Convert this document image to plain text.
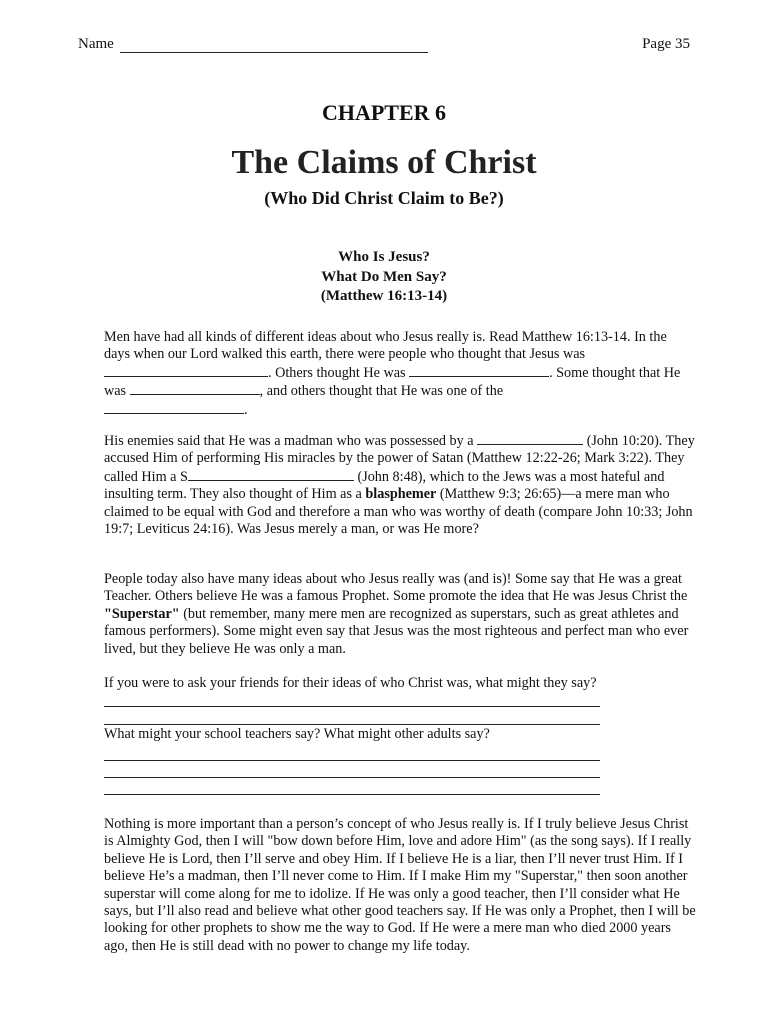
Name	Page 35
CHAPTER 6
The Claims of Christ
(Who Did Christ Claim to Be?)
Who Is Jesus?
What Do Men Say?
(Matthew 16:13-14)

Men have had all kinds of different ideas about who Jesus really is. Read Matthew 16:13-14. In the days when our Lord walked this earth, there were people who thought that Jesus was . Others thought He was	. Some thought that He was	, and others thought that He was one of the
.

His enemies said that He was a madman who was possessed by a	(John 10:20). They accused Him of performing His miracles by the power of Satan (Matthew 12:22-26; Mark 3:22). They called Him a S	(John 8:48), which to the Jews was a most hateful and insulting term. They also thought of Him as a blasphemer (Matthew 9:3; 26:65)—a mere man who claimed to be equal with God and therefore a man who was worthy of death (compare John 10:33; John 19:7; Leviticus 24:16). Was Jesus merely a man, or was He more?

People today also have many ideas about who Jesus really was (and is)! Some say that He was a great Teacher. Others believe He was a famous Prophet. Some promote the idea that He was Jesus Christ the "Superstar" (but remember, many mere men are recognized as superstars, such as great athletes and famous performers). Some might even say that Jesus was the most righteous and perfect man who ever lived, but they believe He was only a man.

If you were to ask your friends for their ideas of who Christ was, what might they say?

What might your school teachers say? What might other adults say?

Nothing is more important than a person’s concept of who Jesus really is. If I truly believe Jesus Christ is Almighty God, then I will "bow down before Him, love and adore Him" (as the song says). If I really believe He is Lord, then I’ll serve and obey Him. If I believe He is a liar, then I’ll never trust Him. If I believe He’s a madman, then I’ll never come to Him. If I make Him my "Superstar," then soon another superstar will come along for me to idolize. If He was only a good teacher, then I’ll consider what He says, but I’ll also read and believe what other good teachers say. If He was only a Prophet, then I will be looking for other prophets to show me the way to God. If He were a mere man who died 2000 years ago, then He is still dead with no power to change my life today.
